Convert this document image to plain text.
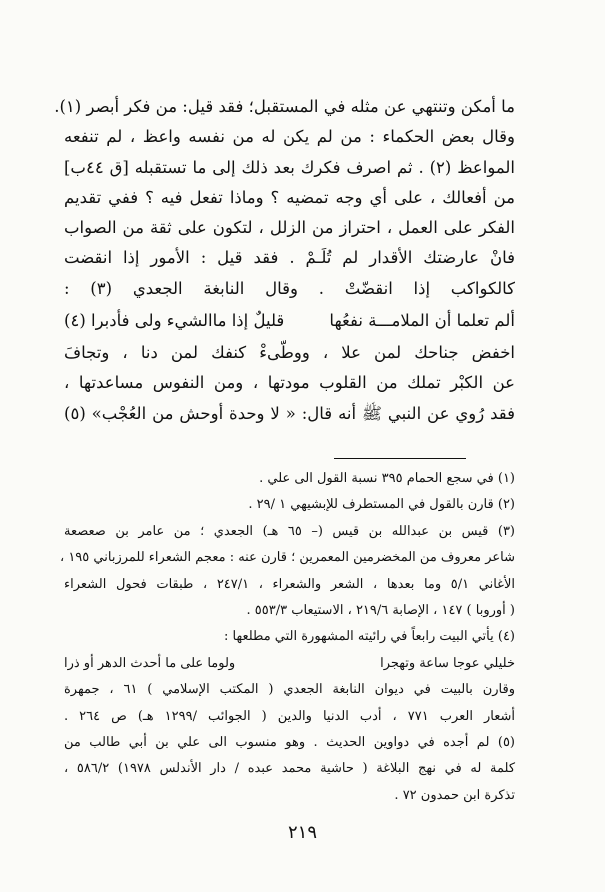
ما أمكن وتنتهي عن مثله في المستقبل؛ فقد قيل: من فكر أبصر (١).
وقال بعض الحكماء : من لم يكن له من نفسه واعظ ، لم تنفعه
المواعظ (٢) . ثم اصرف فكرك بعد ذلك إلى ما تستقبله [ق ٤٤ب]
من أفعالك ، على أي وجه تمضيه ؟ وماذا تفعل فيه ؟ ففي تقديم
الفكر على العمل ، احتراز من الزلل ، لتكون على ثقة من الصواب
فانْ عارضتك الأقدار لم تُلَـمْ . فقد قيل : الأمور إذا انقضت
كالكواكب إذا انقضّتْ . وقال النابغة الجعدي (٣) :
ألم تعلما أن الملامـــة نفعُها
قليلٌ إذا ماالشيء ولى فأدبرا (٤)
اخفض جناحك لمن علا ، ووطّىءْ كنفك لمن دنا ، وتجافَ
عن الكبْر تملك من القلوب مودتها ، ومن النفوس مساعدتها ،
فقد رُوي عن النبي ﷺ أنه قال: « لا وحدة أوحش من العُجْب» (٥)
(١) في سجع الحمام ٣٩٥ نسبة القول الى علي .
(٢) قارن بالقول في المستطرف للإبشيهي ١ /٢٩ .
(٣) قيس بن عبدالله بن قيس (– ٦٥ هـ) الجعدي ؛ من عامر بن صعصعة
شاعر معروف من المخضرمين المعمرين ؛ قارن عنه : معجم الشعراء للمرزباني ١٩٥ ،
الأغاني ٥/١ وما بعدها ، الشعر والشعراء ، ٢٤٧/١ ، طبقات فحول الشعراء
( أوروبا ) ١٤٧ ، الإصابة ٢١٩/٦ ، الاستيعاب ٥٥٣/٣ .
(٤) يأتي البيت رابعاً في رائيته المشهورة التي مطلعها :
خليلي عوجا ساعة وتهجرا
ولوما على ما أحدث الدهر أو ذرا
وقارن بالبيت في ديوان النابغة الجعدي ( المكتب الإسلامي ) ٦١ ، جمهرة
أشعار العرب ٧٧١ ، أدب الدنيا والدين ( الجوائب /١٢٩٩ هـ) ص ٢٦٤ .
(٥) لم أجده في دواوين الحديث . وهو منسوب الى علي بن أبي طالب من
كلمة له في نهج البلاغة ( حاشية محمد عبده / دار الأندلس ١٩٧٨) ٥٨٦/٢ ،
تذكرة ابن حمدون ٧٢ .
٢١٩
